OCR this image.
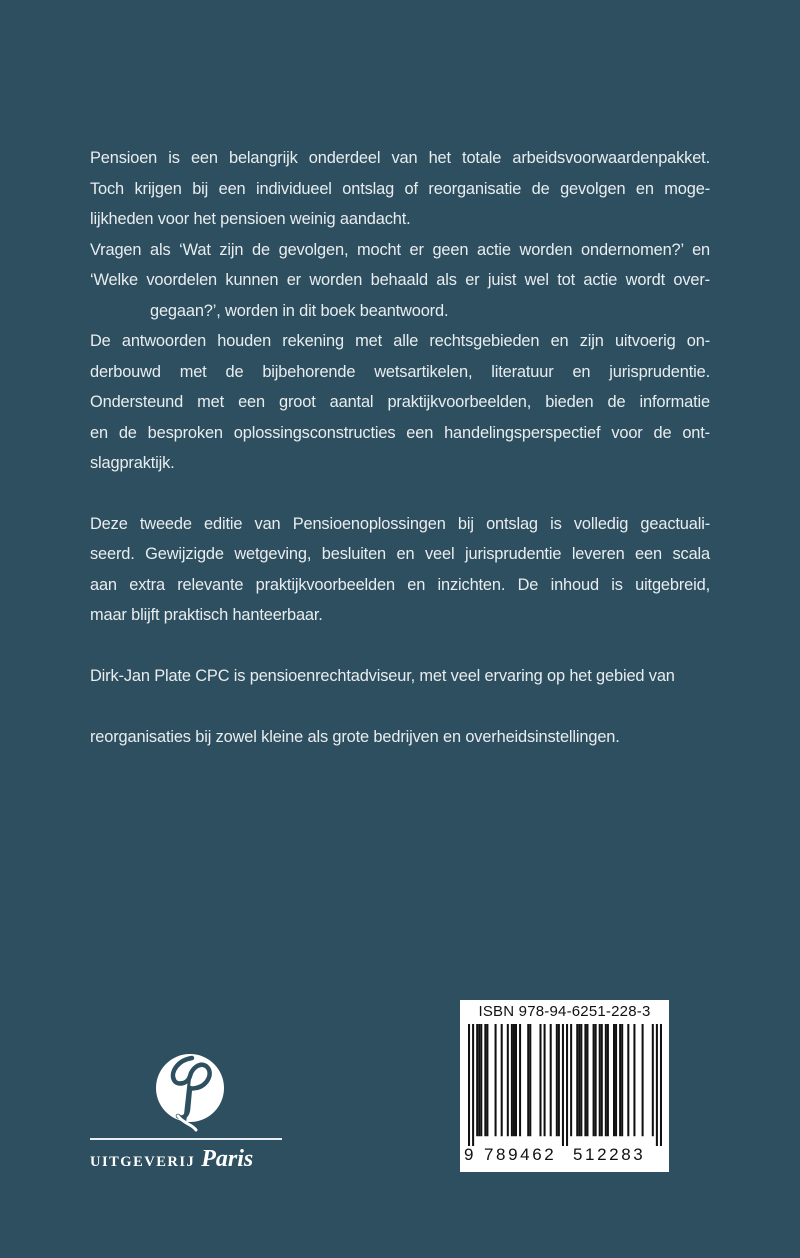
Pensioen is een belangrijk onderdeel van het totale arbeidsvoorwaardenpakket.
Toch krijgen bij een individueel ontslag of reorganisatie de gevolgen en moge-
lijkheden voor het pensioen weinig aandacht.

Vragen als ‘Wat zijn de gevolgen, mocht er geen actie worden ondernomen?’ en
‘Welke voordelen kunnen er worden behaald als er juist wel tot actie wordt over-
gegaan?’, worden in dit boek beantwoord.

De antwoorden houden rekening met alle rechtsgebieden en zijn uitvoerig on-
derbouwd met de bijbehorende wetsartikelen, literatuur en jurisprudentie.
Ondersteund met een groot aantal praktijkvoorbeelden, bieden de informatie
en de besproken oplossingsconstructies een handelingsperspectief voor de ont-
slagpraktijk.

Deze tweede editie van Pensioenoplossingen bij ontslag is volledig geactuali-
seerd. Gewijzigde wetgeving, besluiten en veel jurisprudentie leveren een scala
aan extra relevante praktijkvoorbeelden en inzichten. De inhoud is uitgebreid,
maar blijft praktisch hanteerbaar.

Dirk-Jan Plate CPC is pensioenrechtadviseur, met veel ervaring op het gebied van

reorganisaties bij zowel kleine als grote bedrijven en overheidsinstellingen.

UITGEVERIJ Paris
ISBN 978-94-6251-228-3
9 789462 512283
